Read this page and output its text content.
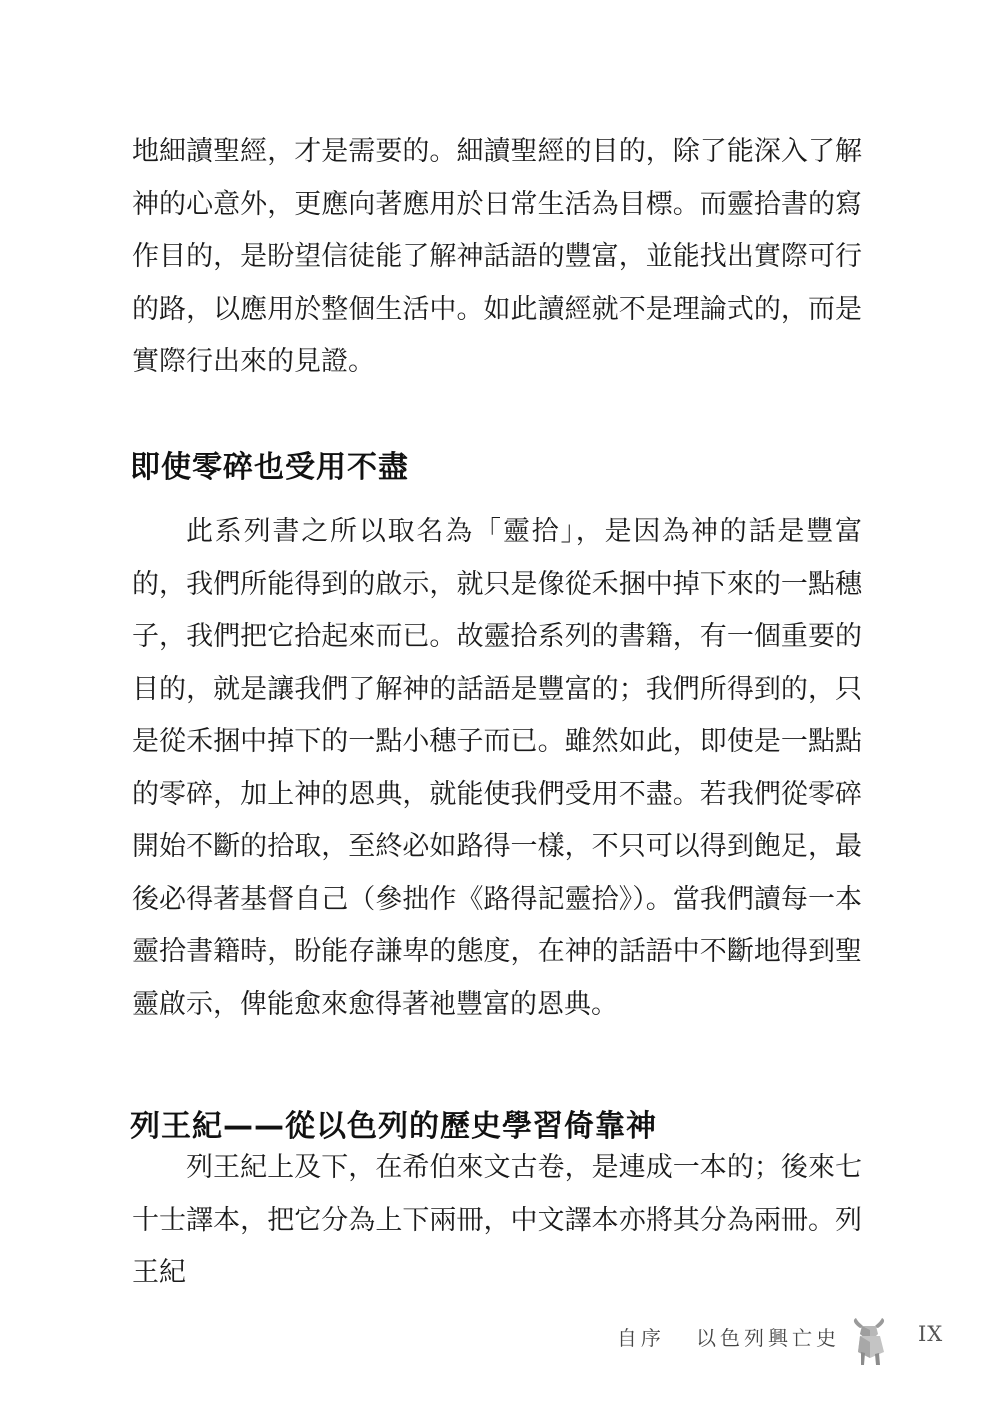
地細讀聖經，才是需要的。細讀聖經的目的，除了能深入了解神的心意外，更應向著應用於日常生活為目標。而靈拾書的寫作目的，是盼望信徒能了解神話語的豐富，並能找出實際可行的路，以應用於整個生活中。如此讀經就不是理論式的，而是實際行出來的見證。

即使零碎也受用不盡

此系列書之所以取名為「靈拾」，是因為神的話是豐富的，我們所能得到的啟示，就只是像從禾捆中掉下來的一點穗子，我們把它拾起來而已。故靈拾系列的書籍，有一個重要的目的，就是讓我們了解神的話語是豐富的；我們所得到的，只是從禾捆中掉下的一點小穗子而已。雖然如此，即使是一點點的零碎，加上神的恩典，就能使我們受用不盡。若我們從零碎開始不斷的拾取，至終必如路得一樣，不只可以得到飽足，最後必得著基督自己（參拙作《路得記靈拾》）。當我們讀每一本靈拾書籍時，盼能存謙卑的態度，在神的話語中不斷地得到聖靈啟示，俾能愈來愈得著祂豐富的恩典。

列王紀——從以色列的歷史學習倚靠神

列王紀上及下，在希伯來文古卷，是連成一本的；後來七十士譯本，把它分為上下兩冊，中文譯本亦將其分為兩冊。列王紀

自序 以色列興亡史	IX
